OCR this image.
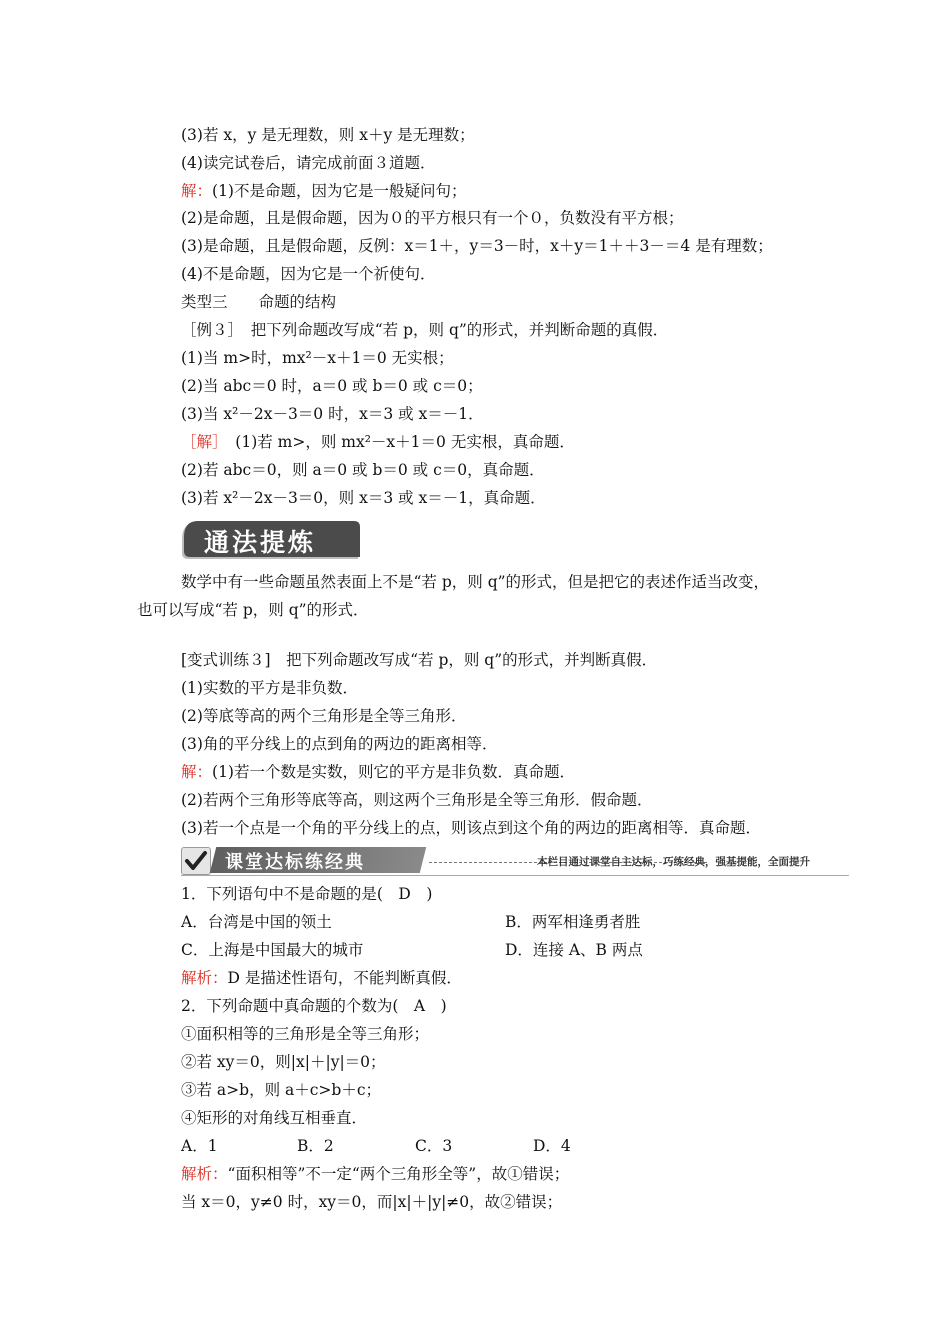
(3)若 x，y 是无理数，则 x＋y 是无理数；
(4)读完试卷后，请完成前面３道题．
解：(1)不是命题，因为它是一般疑问句；
(2)是命题，且是假命题，因为０的平方根只有一个０，负数没有平方根；
(3)是命题，且是假命题，反例：x＝1＋，y＝3－时，x＋y＝1＋＋3－＝4 是有理数；
(4)不是命题，因为它是一个祈使句．
类型三　　命题的结构
［例３］　把下列命题改写成“若 p，则 q”的形式，并判断命题的真假．
(1)当 m>时，mx²－x＋1＝0 无实根；
(2)当 abc＝0 时，a＝0 或 b＝0 或 c＝0；
(3)当 x²－2x－3＝0 时，x＝3 或 x＝－1．
［解］　 (1)若 m>，则 mx²－x＋1＝0 无实根，真命题．
(2)若 abc＝0，则 a＝0 或 b＝0 或 c＝0，真命题．
(3)若 x²－2x－3＝0，则 x＝3 或 x＝－1，真命题．
通法提炼
数学中有一些命题虽然表面上不是“若 p，则 q”的形式，但是把它的表述作适当改变，
也可以写成“若 p，则 q”的形式．
[变式训练３]　把下列命题改写成“若 p，则 q”的形式，并判断真假．
(1)实数的平方是非负数．
(2)等底等高的两个三角形是全等三角形．
(3)角的平分线上的点到角的两边的距离相等．
解：(1)若一个数是实数，则它的平方是非负数．真命题．
(2)若两个三角形等底等高，则这两个三角形是全等三角形．假命题．
(3)若一个点是一个角的平分线上的点，则该点到这个角的两边的距离相等．真命题．
课堂达标练经典	本栏目通过课堂自主达标，巧练经典，强基提能，全面提升
1．下列语句中不是命题的是(　D　)
A．台湾是中国的领土	B．两军相逢勇者胜
C．上海是中国最大的城市	D．连接 A、B 两点
解析：D 是描述性语句，不能判断真假．
2．下列命题中真命题的个数为(　A　)
①面积相等的三角形是全等三角形；
②若 xy＝0，则|x|＋|y|＝0；
③若 a>b，则 a＋c>b＋c；
④矩形的对角线互相垂直．
A．1	B．2	C．3	D．4
解析：“面积相等”不一定“两个三角形全等”，故①错误；
当 x＝0，y≠0 时，xy＝0，而|x|＋|y|≠0，故②错误；
